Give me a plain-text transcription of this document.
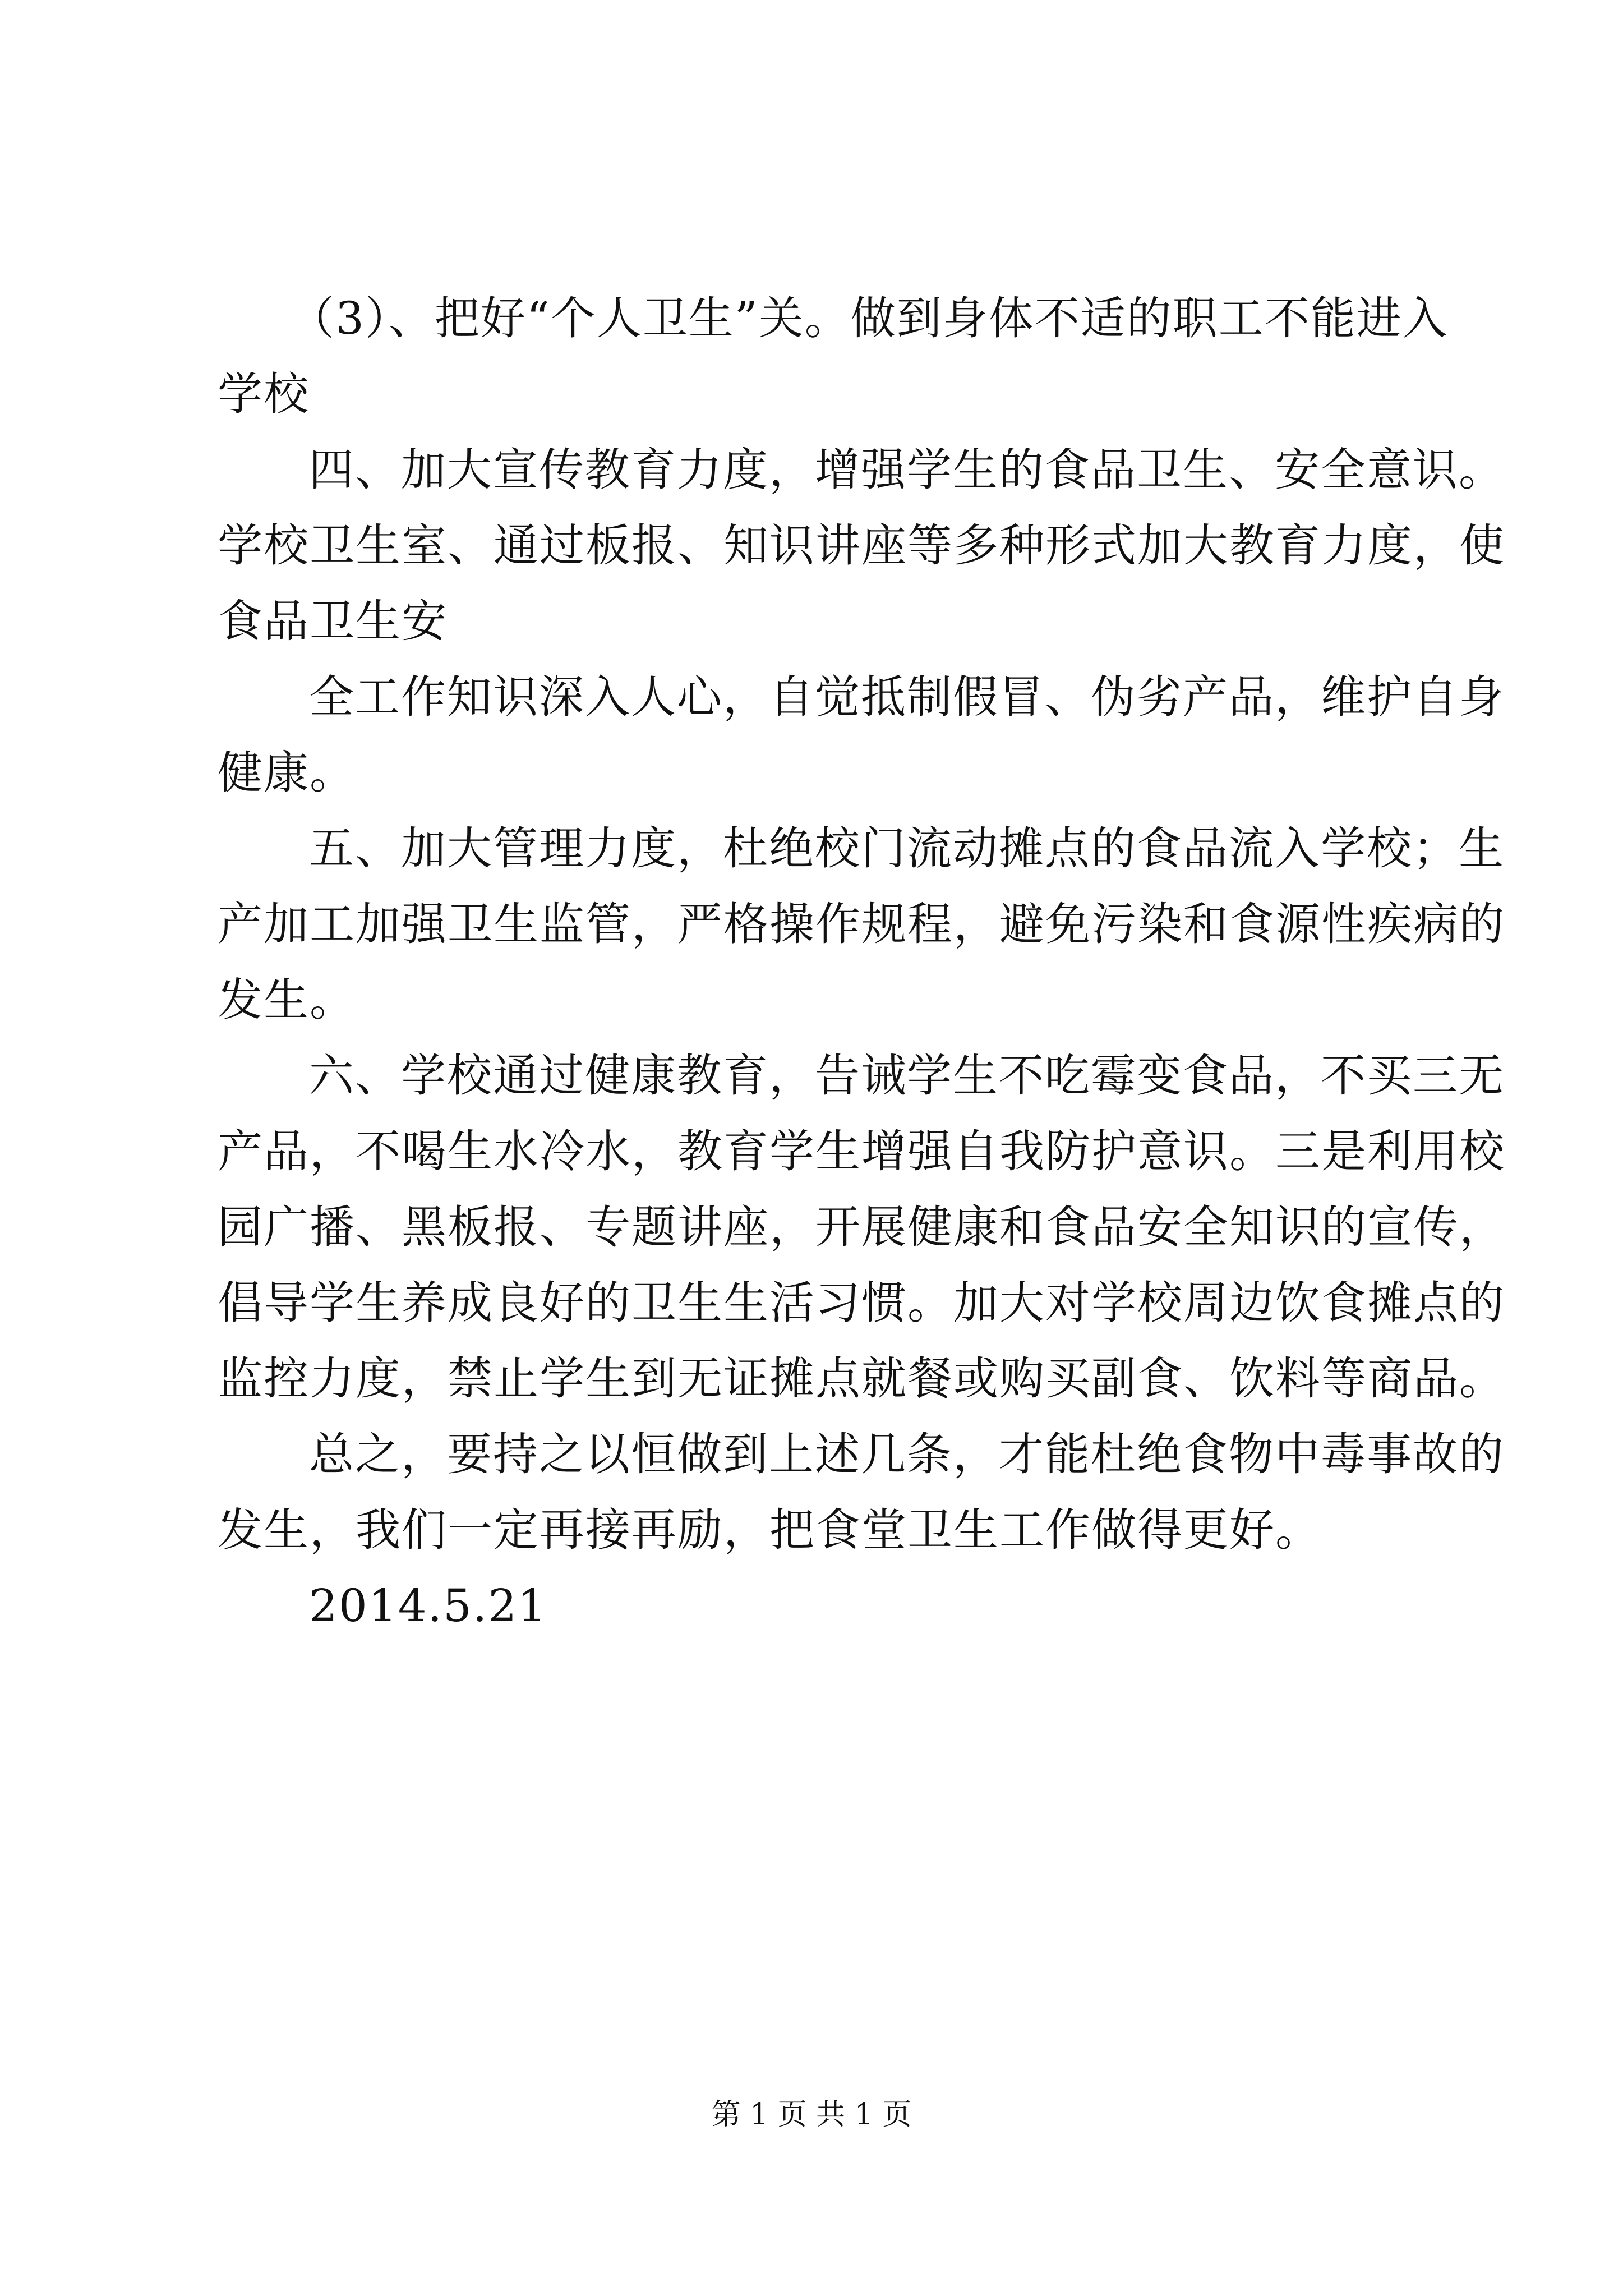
（3）、把好“个人卫生”关。做到身体不适的职工不能进入
学校
四、加大宣传教育力度，增强学生的食品卫生、安全意识。
学校卫生室、通过板报、知识讲座等多种形式加大教育力度，使
食品卫生安
全工作知识深入人心，自觉抵制假冒、伪劣产品，维护自身
健康。
五、加大管理力度，杜绝校门流动摊点的食品流入学校；生
产加工加强卫生监管，严格操作规程，避免污染和食源性疾病的
发生。
六、学校通过健康教育，告诫学生不吃霉变食品，不买三无
产品，不喝生水冷水，教育学生增强自我防护意识。三是利用校
园广播、黑板报、专题讲座，开展健康和食品安全知识的宣传，
倡导学生养成良好的卫生生活习惯。加大对学校周边饮食摊点的
监控力度，禁止学生到无证摊点就餐或购买副食、饮料等商品。
总之，要持之以恒做到上述几条，才能杜绝食物中毒事故的
发生，我们一定再接再励，把食堂卫生工作做得更好。
2014.5.21
第 1 页 共 1 页
